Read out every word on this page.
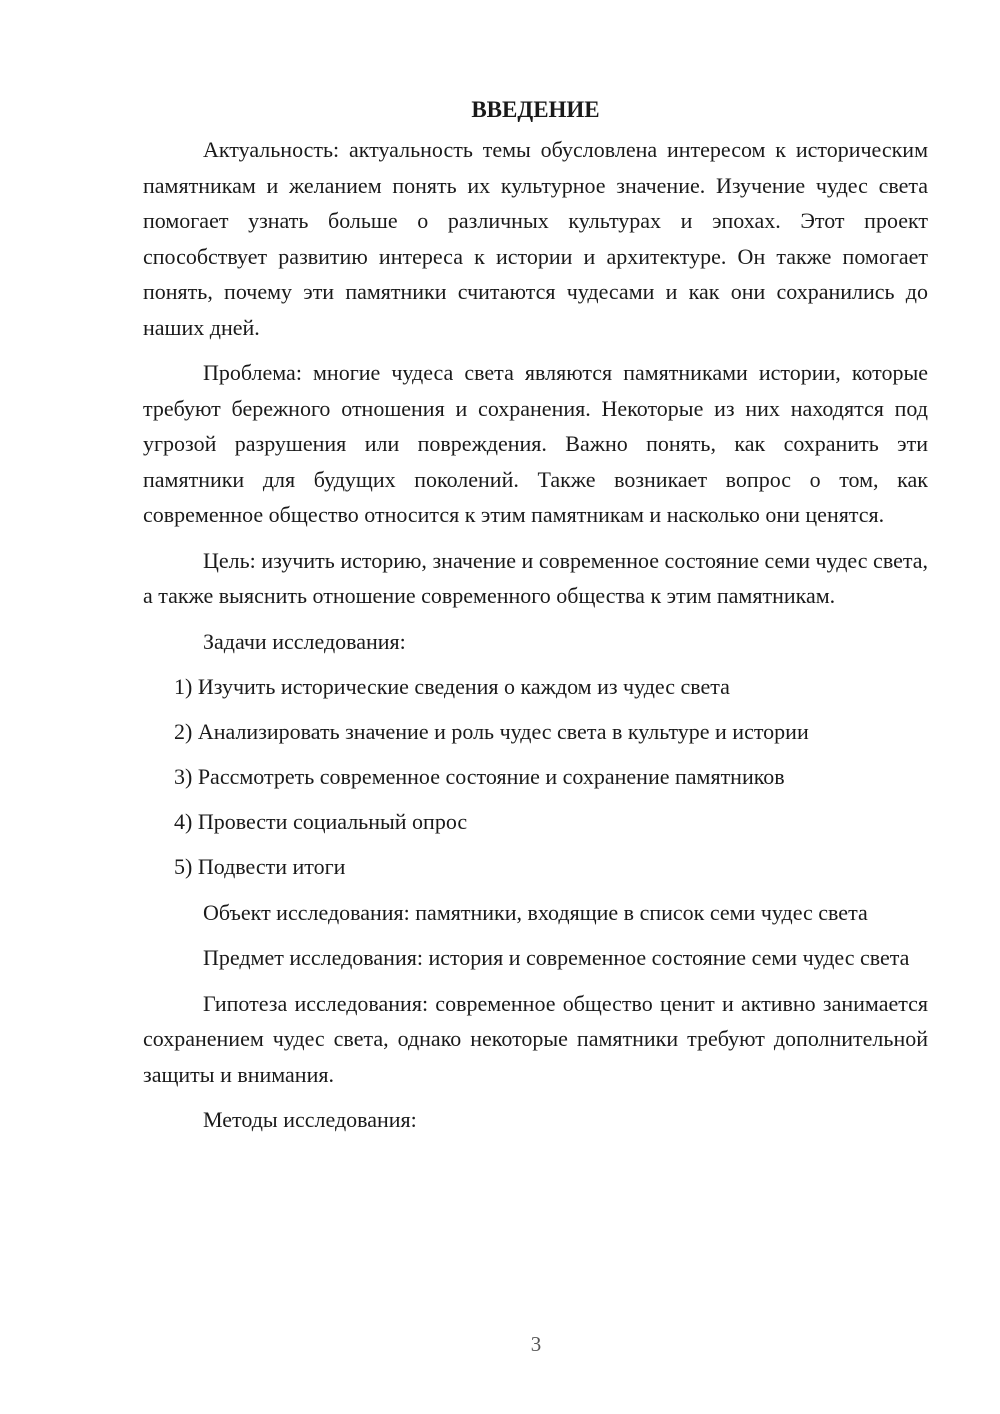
ВВЕДЕНИЕ

Актуальность: актуальность темы обусловлена интересом к историческим памятникам и желанием понять их культурное значение. Изучение чудес света помогает узнать больше о различных культурах и эпохах. Этот проект способствует развитию интереса к истории и архитектуре. Он также помогает понять, почему эти памятники считаются чудесами и как они сохранились до наших дней.

Проблема: многие чудеса света являются памятниками истории, которые требуют бережного отношения и сохранения. Некоторые из них находятся под угрозой разрушения или повреждения. Важно понять, как сохранить эти памятники для будущих поколений. Также возникает вопрос о том, как современное общество относится к этим памятникам и насколько они ценятся.

Цель: изучить историю, значение и современное состояние семи чудес света, а также выяснить отношение современного общества к этим памятникам.

Задачи исследования:

1) Изучить исторические сведения о каждом из чудес света
2) Анализировать значение и роль чудес света в культуре и истории
3) Рассмотреть современное состояние и сохранение памятников
4) Провести социальный опрос
5) Подвести итоги

Объект исследования: памятники, входящие в список семи чудес света

Предмет исследования: история и современное состояние семи чудес света

Гипотеза исследования: современное общество ценит и активно занимается сохранением чудес света, однако некоторые памятники требуют дополнительной защиты и внимания.

Методы исследования:

3
